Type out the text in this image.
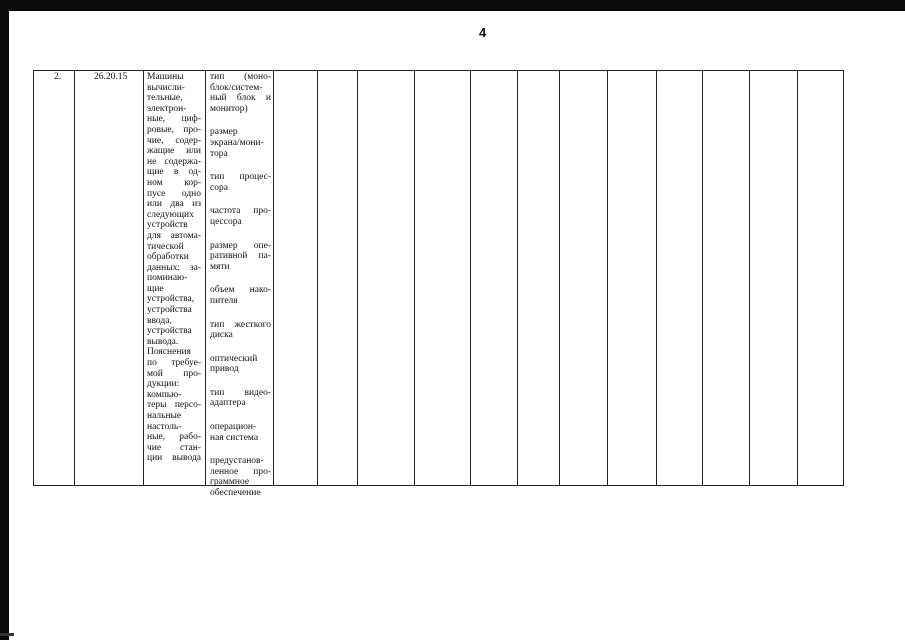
4
2.	26.20.15 Машины
вычисли-
тельные,
электрон-
ные, циф-
ровые, про-
чие, содер-
жащие или
не содержа-
щие в од-
ном кор-
пусе одно
или два из
следующих
устройств
для автома-
тической
обработки
данных: за-
поминаю-
щие
устройства,
устройства
ввода,
устройства
вывода.
Пояснения
по требуе-
мой про-
дукции:
компью-
теры персо-
нальные
настоль-
ные, рабо-
чие стан-
ции вывода
тип (моно-
блок/систем-
ный блок и
монитор)
размер
экрана/мони-
тора
тип процес-
сора
частота про-
цессора
размер опе-
ративной па-
мяти
объем нако-
пителя
тип жесткого
диска
оптический
привод
тип видео-
адаптера
операцион-
ная система
предустанов-
ленное про-
граммное
обеспечение
